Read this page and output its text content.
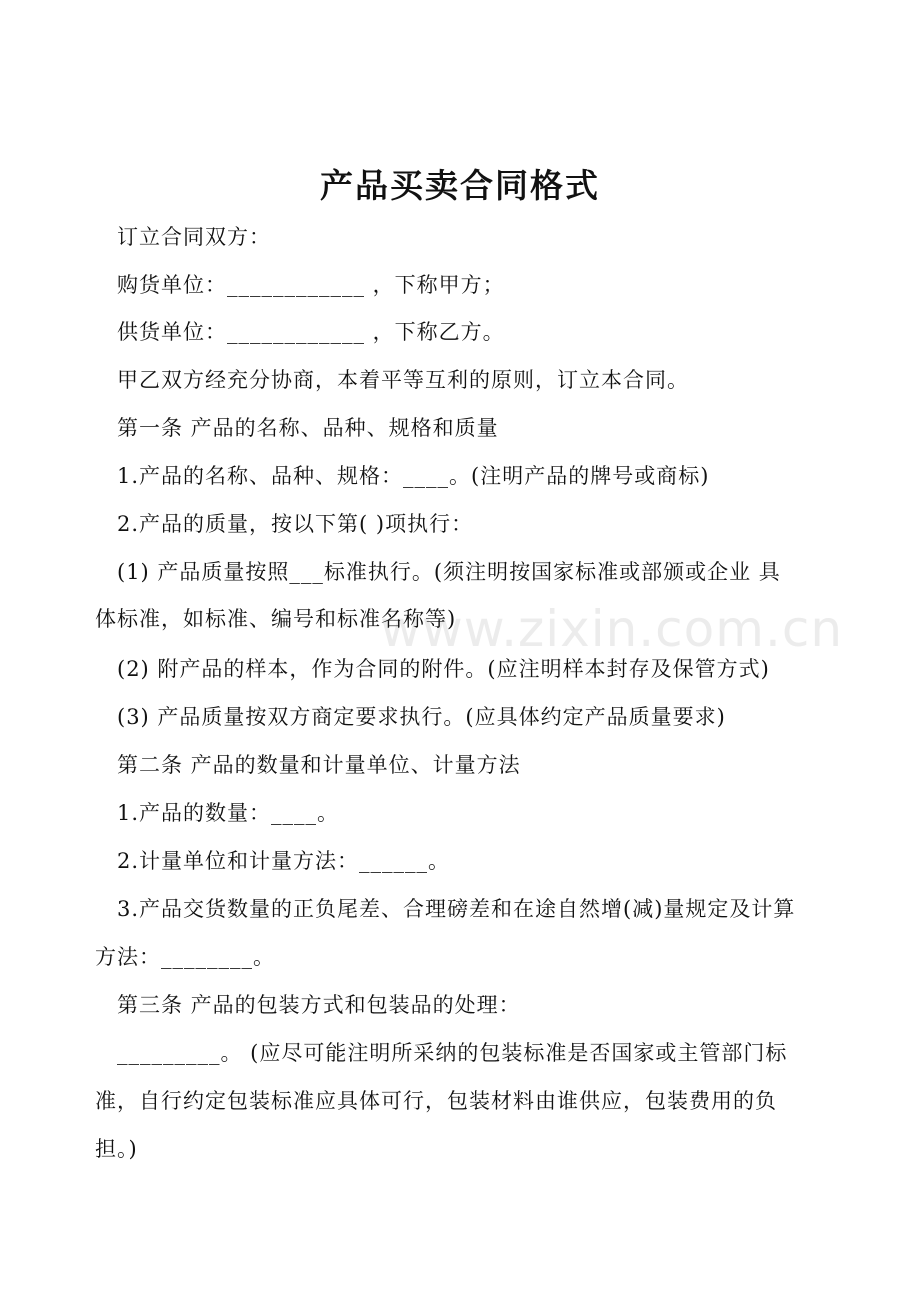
www.zixin.com.cn
产品买卖合同格式
订立合同双方：
购货单位：____________ ，下称甲方；
供货单位：____________ ，下称乙方。
甲乙双方经充分协商，本着平等互利的原则，订立本合同。
第一条 产品的名称、品种、规格和质量
1.产品的名称、品种、规格：____。(注明产品的牌号或商标)
2.产品的质量，按以下第( )项执行：
(1) 产品质量按照___标准执行。(须注明按国家标准或部颁或企业 具
体标准，如标准、编号和标准名称等)
(2) 附产品的样本，作为合同的附件。(应注明样本封存及保管方式)
(3) 产品质量按双方商定要求执行。(应具体约定产品质量要求)
第二条 产品的数量和计量单位、计量方法
1.产品的数量：____。
2.计量单位和计量方法：______。
3.产品交货数量的正负尾差、合理磅差和在途自然增(减)量规定及计算
方法：________。
第三条 产品的包装方式和包装品的处理：
_________。 (应尽可能注明所采纳的包装标准是否国家或主管部门标
准，自行约定包装标准应具体可行，包装材料由谁供应，包装费用的负
担。)
